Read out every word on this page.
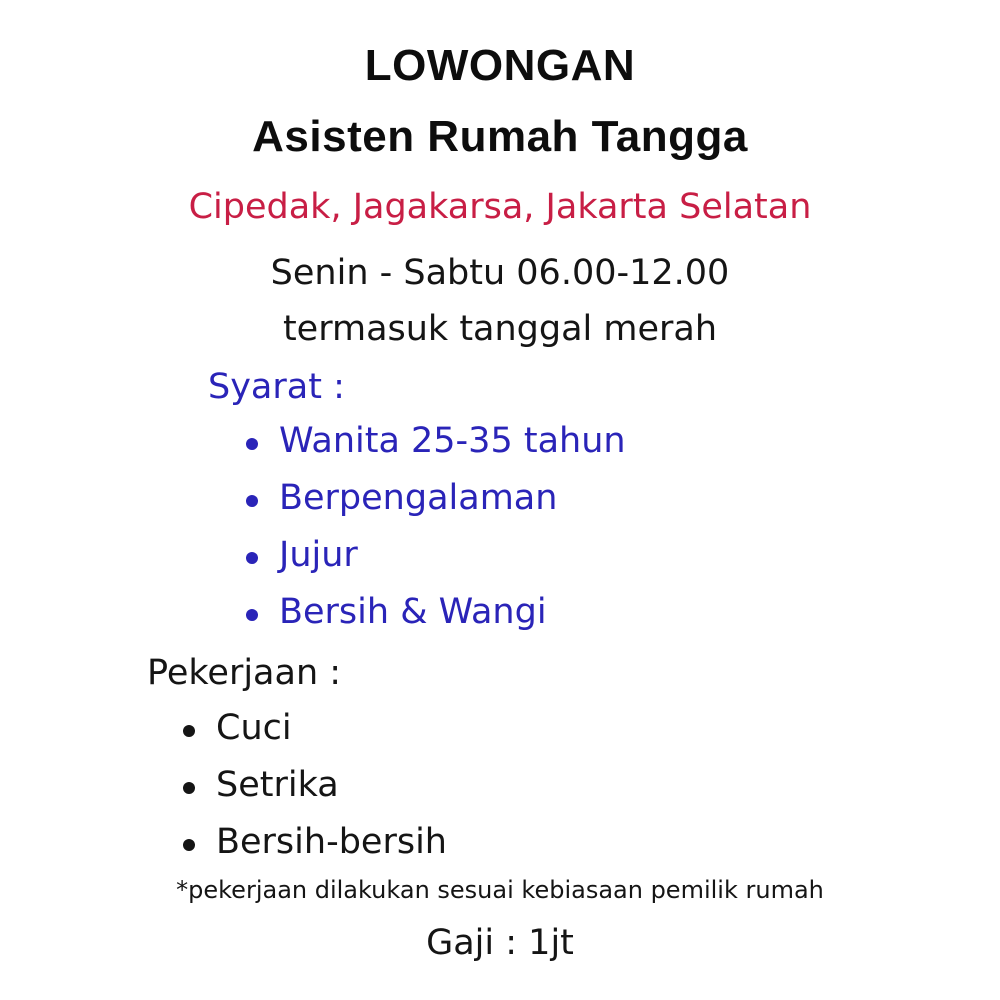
LOWONGAN
Asisten Rumah Tangga

Cipedak, Jagakarsa, Jakarta Selatan

Senin - Sabtu 06.00-12.00

termasuk tanggal merah

Syarat :

Wanita 25-35 tahun
Berpengalaman
Jujur
Bersih & Wangi

Pekerjaan :

Cuci
Setrika
Bersih-bersih

*pekerjaan dilakukan sesuai kebiasaan pemilik rumah

Gaji : 1jt
